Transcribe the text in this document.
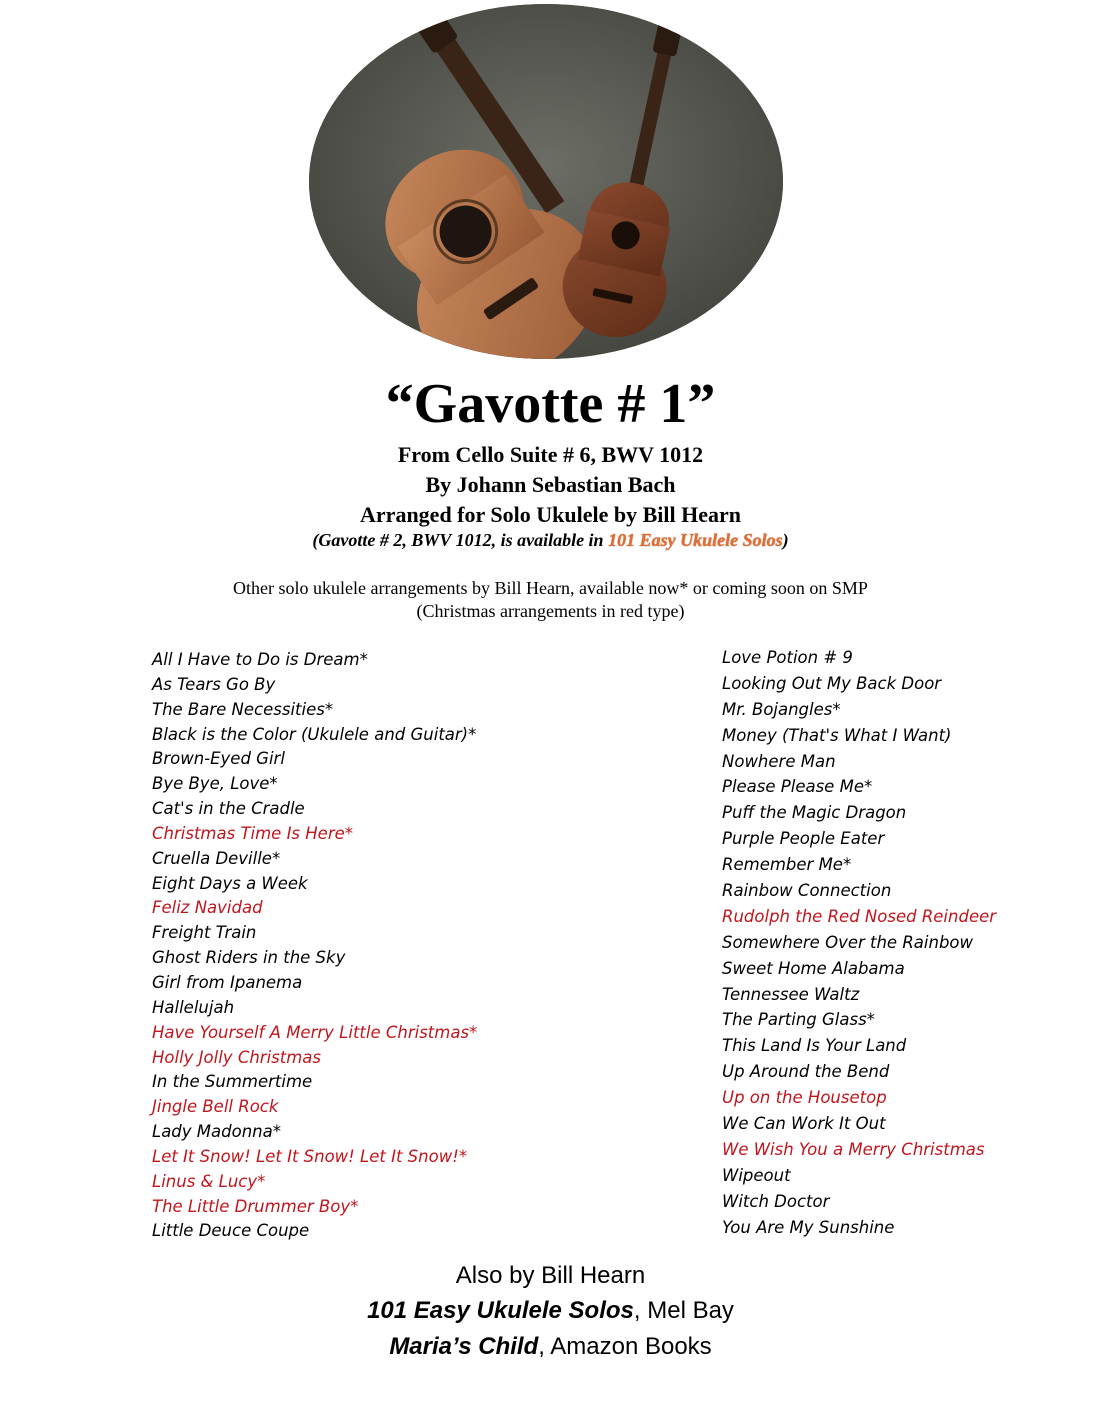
“Gavotte # 1”
From Cello Suite # 6, BWV 1012
By Johann Sebastian Bach
Arranged for Solo Ukulele by Bill Hearn
(Gavotte # 2, BWV 1012, is available in 101 Easy Ukulele Solos)
Other solo ukulele arrangements by Bill Hearn, available now* or coming soon on SMP
(Christmas arrangements in red type)
All I Have to Do is Dream*
As Tears Go By
The Bare Necessities*
Black is the Color (Ukulele and Guitar)*
Brown-Eyed Girl
Bye Bye, Love*
Cat's in the Cradle
Christmas Time Is Here*
Cruella Deville*
Eight Days a Week
Feliz Navidad
Freight Train
Ghost Riders in the Sky
Girl from Ipanema
Hallelujah
Have Yourself A Merry Little Christmas*
Holly Jolly Christmas
In the Summertime
Jingle Bell Rock
Lady Madonna*
Let It Snow! Let It Snow! Let It Snow!*
Linus & Lucy*
The Little Drummer Boy*
Little Deuce Coupe
Love Potion # 9
Looking Out My Back Door
Mr. Bojangles*
Money (That's What I Want)
Nowhere Man
Please Please Me*
Puff the Magic Dragon
Purple People Eater
Remember Me*
Rainbow Connection
Rudolph the Red Nosed Reindeer
Somewhere Over the Rainbow
Sweet Home Alabama
Tennessee Waltz
The Parting Glass*
This Land Is Your Land
Up Around the Bend
Up on the Housetop
We Can Work It Out
We Wish You a Merry Christmas
Wipeout
Witch Doctor
You Are My Sunshine
Also by Bill Hearn
101 Easy Ukulele Solos, Mel Bay
Maria’s Child, Amazon Books
